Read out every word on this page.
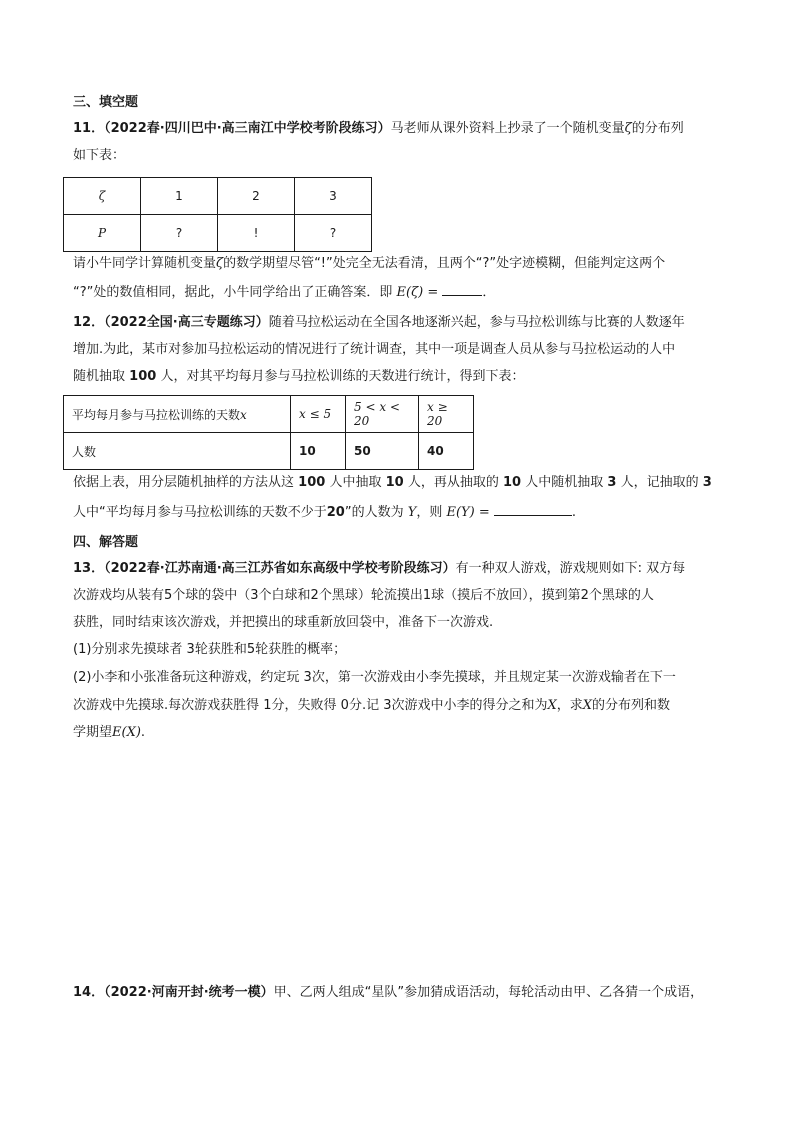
三、填空题
11．（2022春·四川巴中·高三南江中学校考阶段练习）马老师从课外资料上抄录了一个随机变量ζ的分布列
如下表：
ζ	1	2	3
P	?	!	?
请小牛同学计算随机变量ζ的数学期望尽管“!”处完全无法看清，且两个“?”处字迹模糊，但能判定这两个
“?”处的数值相同，据此，小牛同学给出了正确答案．即 E(ζ) =	．
12．（2022全国·高三专题练习）随着马拉松运动在全国各地逐渐兴起，参与马拉松训练与比赛的人数逐年
增加.为此，某市对参加马拉松运动的情况进行了统计调查，其中一项是调查人员从参与马拉松运动的人中
随机抽取 100 人，对其平均每月参与马拉松训练的天数进行统计，得到下表：
平均每月参与马拉松训练的天数x	x ≤ 5	5 < x < 20	x ≥ 20
人数	10	50	40
依据上表，用分层随机抽样的方法从这 100 人中抽取 10 人，再从抽取的 10 人中随机抽取 3 人，记抽取的 3
人中“平均每月参与马拉松训练的天数不少于20”的人数为 Y，则 E(Y) =	.
四、解答题
13．（2022春·江苏南通·高三江苏省如东高级中学校考阶段练习）有一种双人游戏，游戏规则如下: 双方每
次游戏均从装有5个球的袋中（3个白球和2个黑球）轮流摸出1球（摸后不放回），摸到第2个黑球的人
获胜，同时结束该次游戏，并把摸出的球重新放回袋中，准备下一次游戏.
(1)分别求先摸球者 3轮获胜和5轮获胜的概率；
(2)小李和小张准备玩这种游戏，约定玩 3次，第一次游戏由小李先摸球，并且规定某一次游戏输者在下一
次游戏中先摸球.每次游戏获胜得 1分，失败得 0分.记 3次游戏中小李的得分之和为X，求X的分布列和数
学期望E(X).
14．（2022·河南开封·统考一模）甲、乙两人组成“星队”参加猜成语活动，每轮活动由甲、乙各猜一个成语，
